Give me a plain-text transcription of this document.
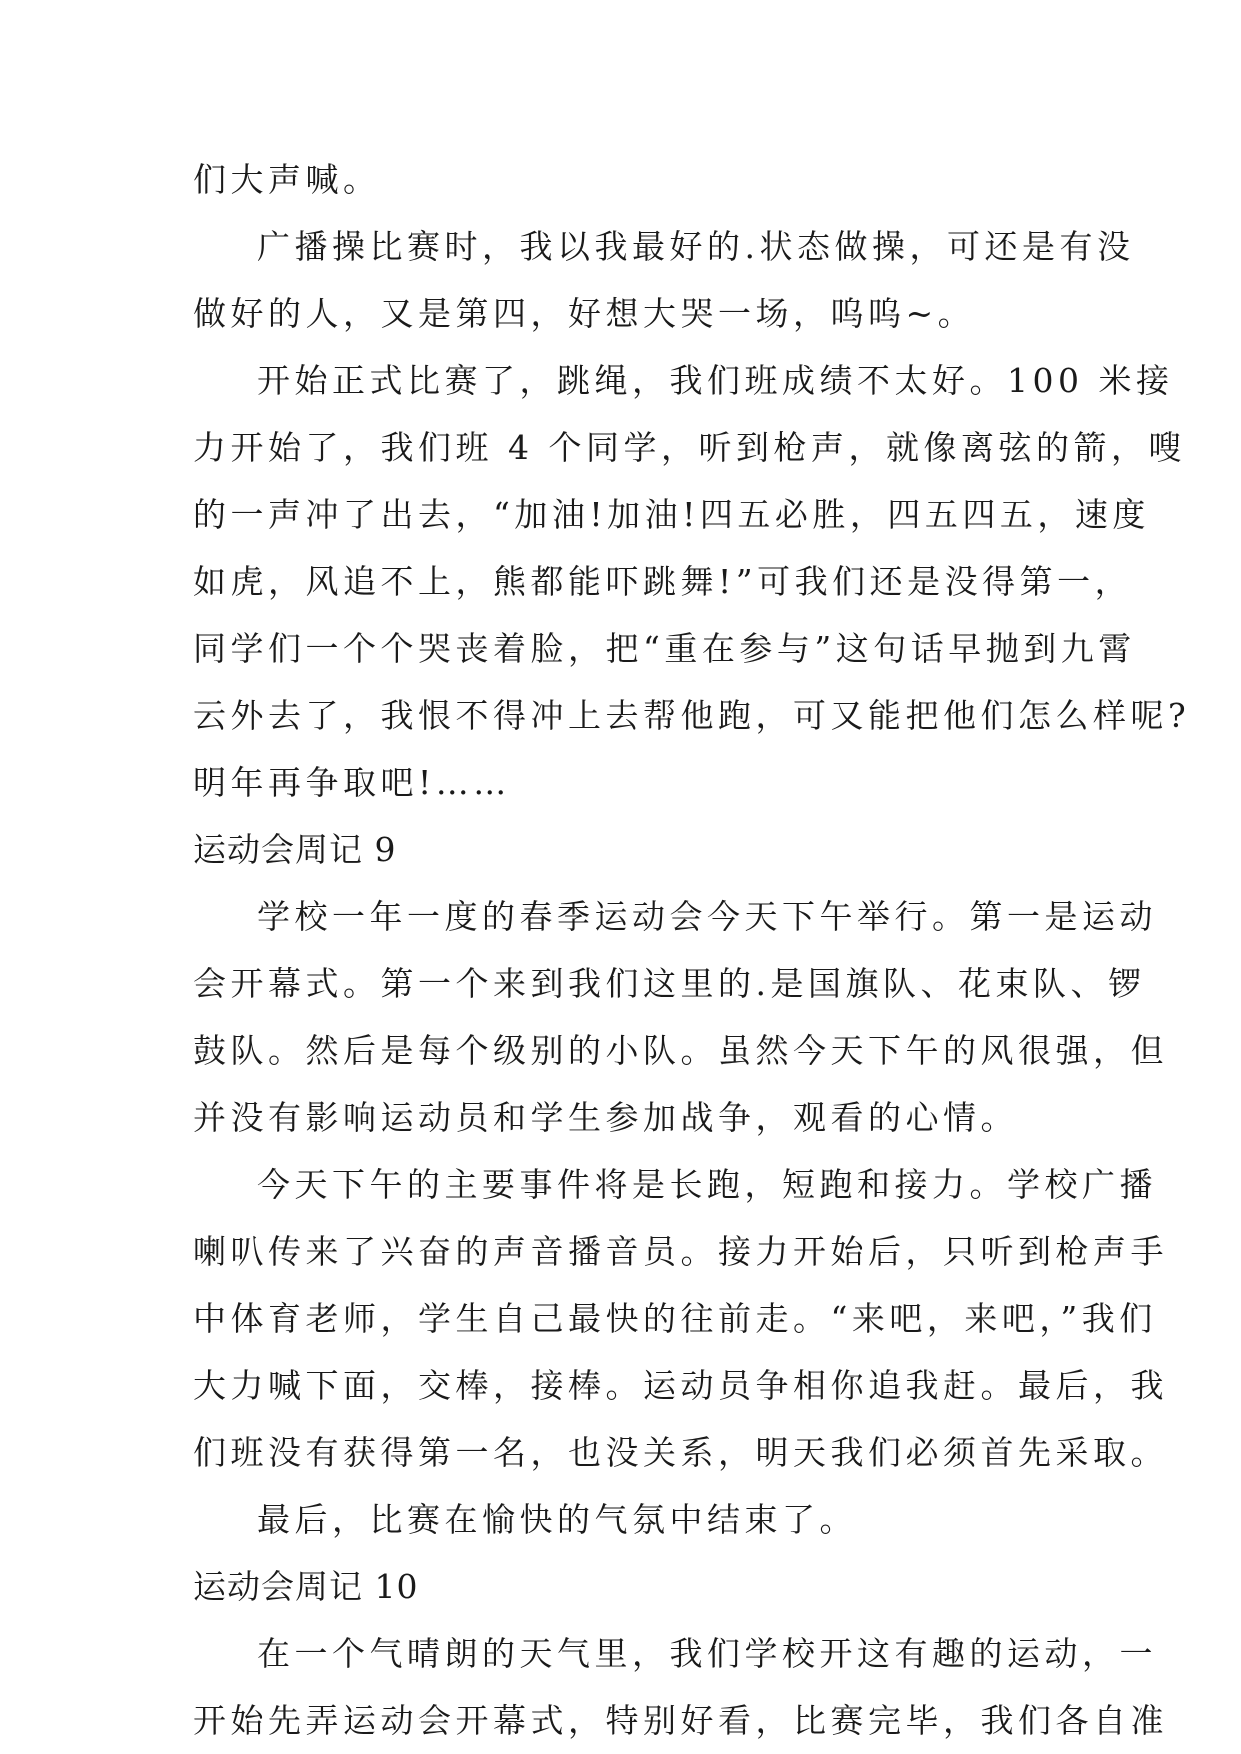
们大声喊。
广播操比赛时，我以我最好的.状态做操，可还是有没
做好的人，又是第四，好想大哭一场，呜呜~。
开始正式比赛了，跳绳，我们班成绩不太好。100 米接
力开始了，我们班 4 个同学，听到枪声，就像离弦的箭，嗖
的一声冲了出去，“加油!加油!四五必胜，四五四五，速度
如虎，风追不上，熊都能吓跳舞!”可我们还是没得第一，
同学们一个个哭丧着脸，把“重在参与”这句话早抛到九霄
云外去了，我恨不得冲上去帮他跑，可又能把他们怎么样呢?
明年再争取吧!……
运动会周记 9
学校一年一度的春季运动会今天下午举行。第一是运动
会开幕式。第一个来到我们这里的.是国旗队、花束队、锣
鼓队。然后是每个级别的小队。虽然今天下午的风很强，但
并没有影响运动员和学生参加战争，观看的心情。
今天下午的主要事件将是长跑，短跑和接力。学校广播
喇叭传来了兴奋的声音播音员。接力开始后，只听到枪声手
中体育老师，学生自己最快的往前走。“来吧，来吧，”我们
大力喊下面，交棒，接棒。运动员争相你追我赶。最后，我
们班没有获得第一名，也没关系，明天我们必须首先采取。
最后，比赛在愉快的气氛中结束了。
运动会周记 10
在一个气晴朗的天气里，我们学校开这有趣的运动，一
开始先弄运动会开幕式，特别好看，比赛完毕，我们各自准
